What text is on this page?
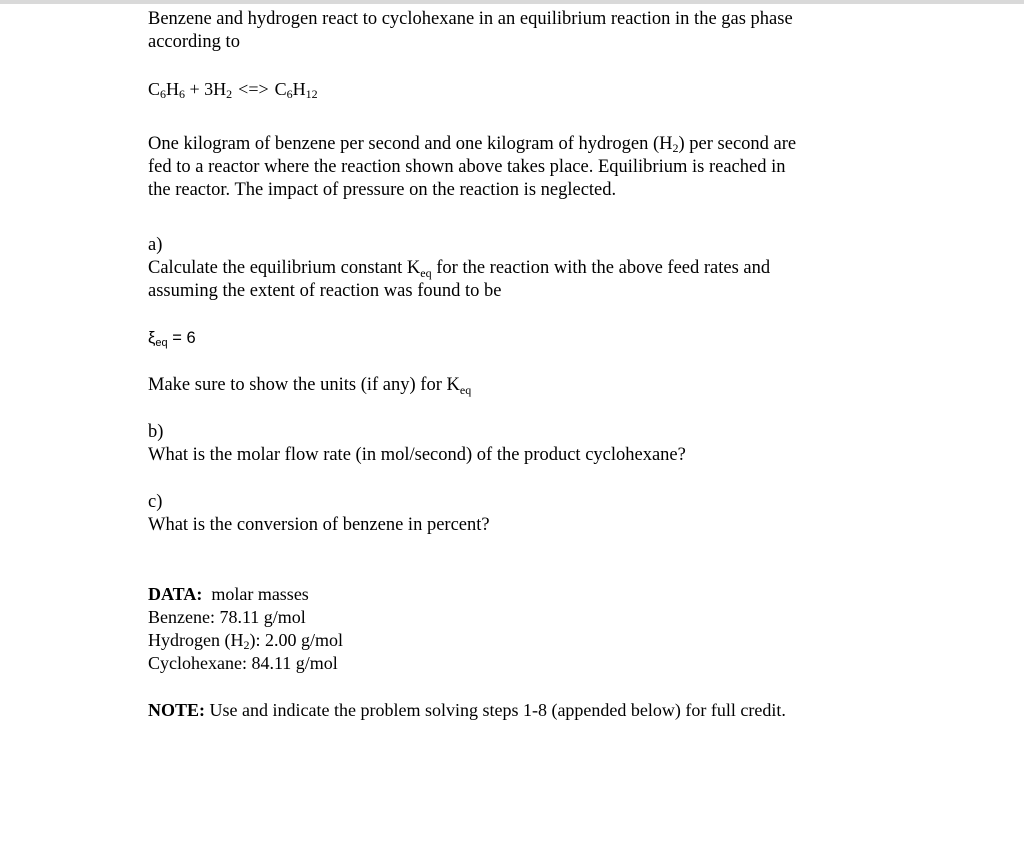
Benzene and hydrogen react to cyclohexane in an equilibrium reaction in the gas phase

according to

$C_6H_6 + 3H_2$ <=> $C_6H_{12}$

One kilogram of benzene per second and one kilogram of hydrogen $(H_2)$ per second are

fed to a reactor where the reaction shown above takes place. Equilibrium is reached in

the reactor. The impact of pressure on the reaction is neglected.

a)

Calculate the equilibrium constant $K_{eq}$ for the reaction with the above feed rates and

assuming the extent of reaction was found to be

$\xi_{eq} = 6$

Make sure to show the units (if any) for $K_{eq}$

b)

What is the molar flow rate (in mol/second) of the product cyclohexane?

c)

What is the conversion of benzene in percent?

DATA:  molar masses

Benzene: 78.11 g/mol

Hydrogen $(H_2)$: 2.00 g/mol

Cyclohexane: 84.11 g/mol

NOTE: Use and indicate the problem solving steps 1-8 (appended below) for full credit.
